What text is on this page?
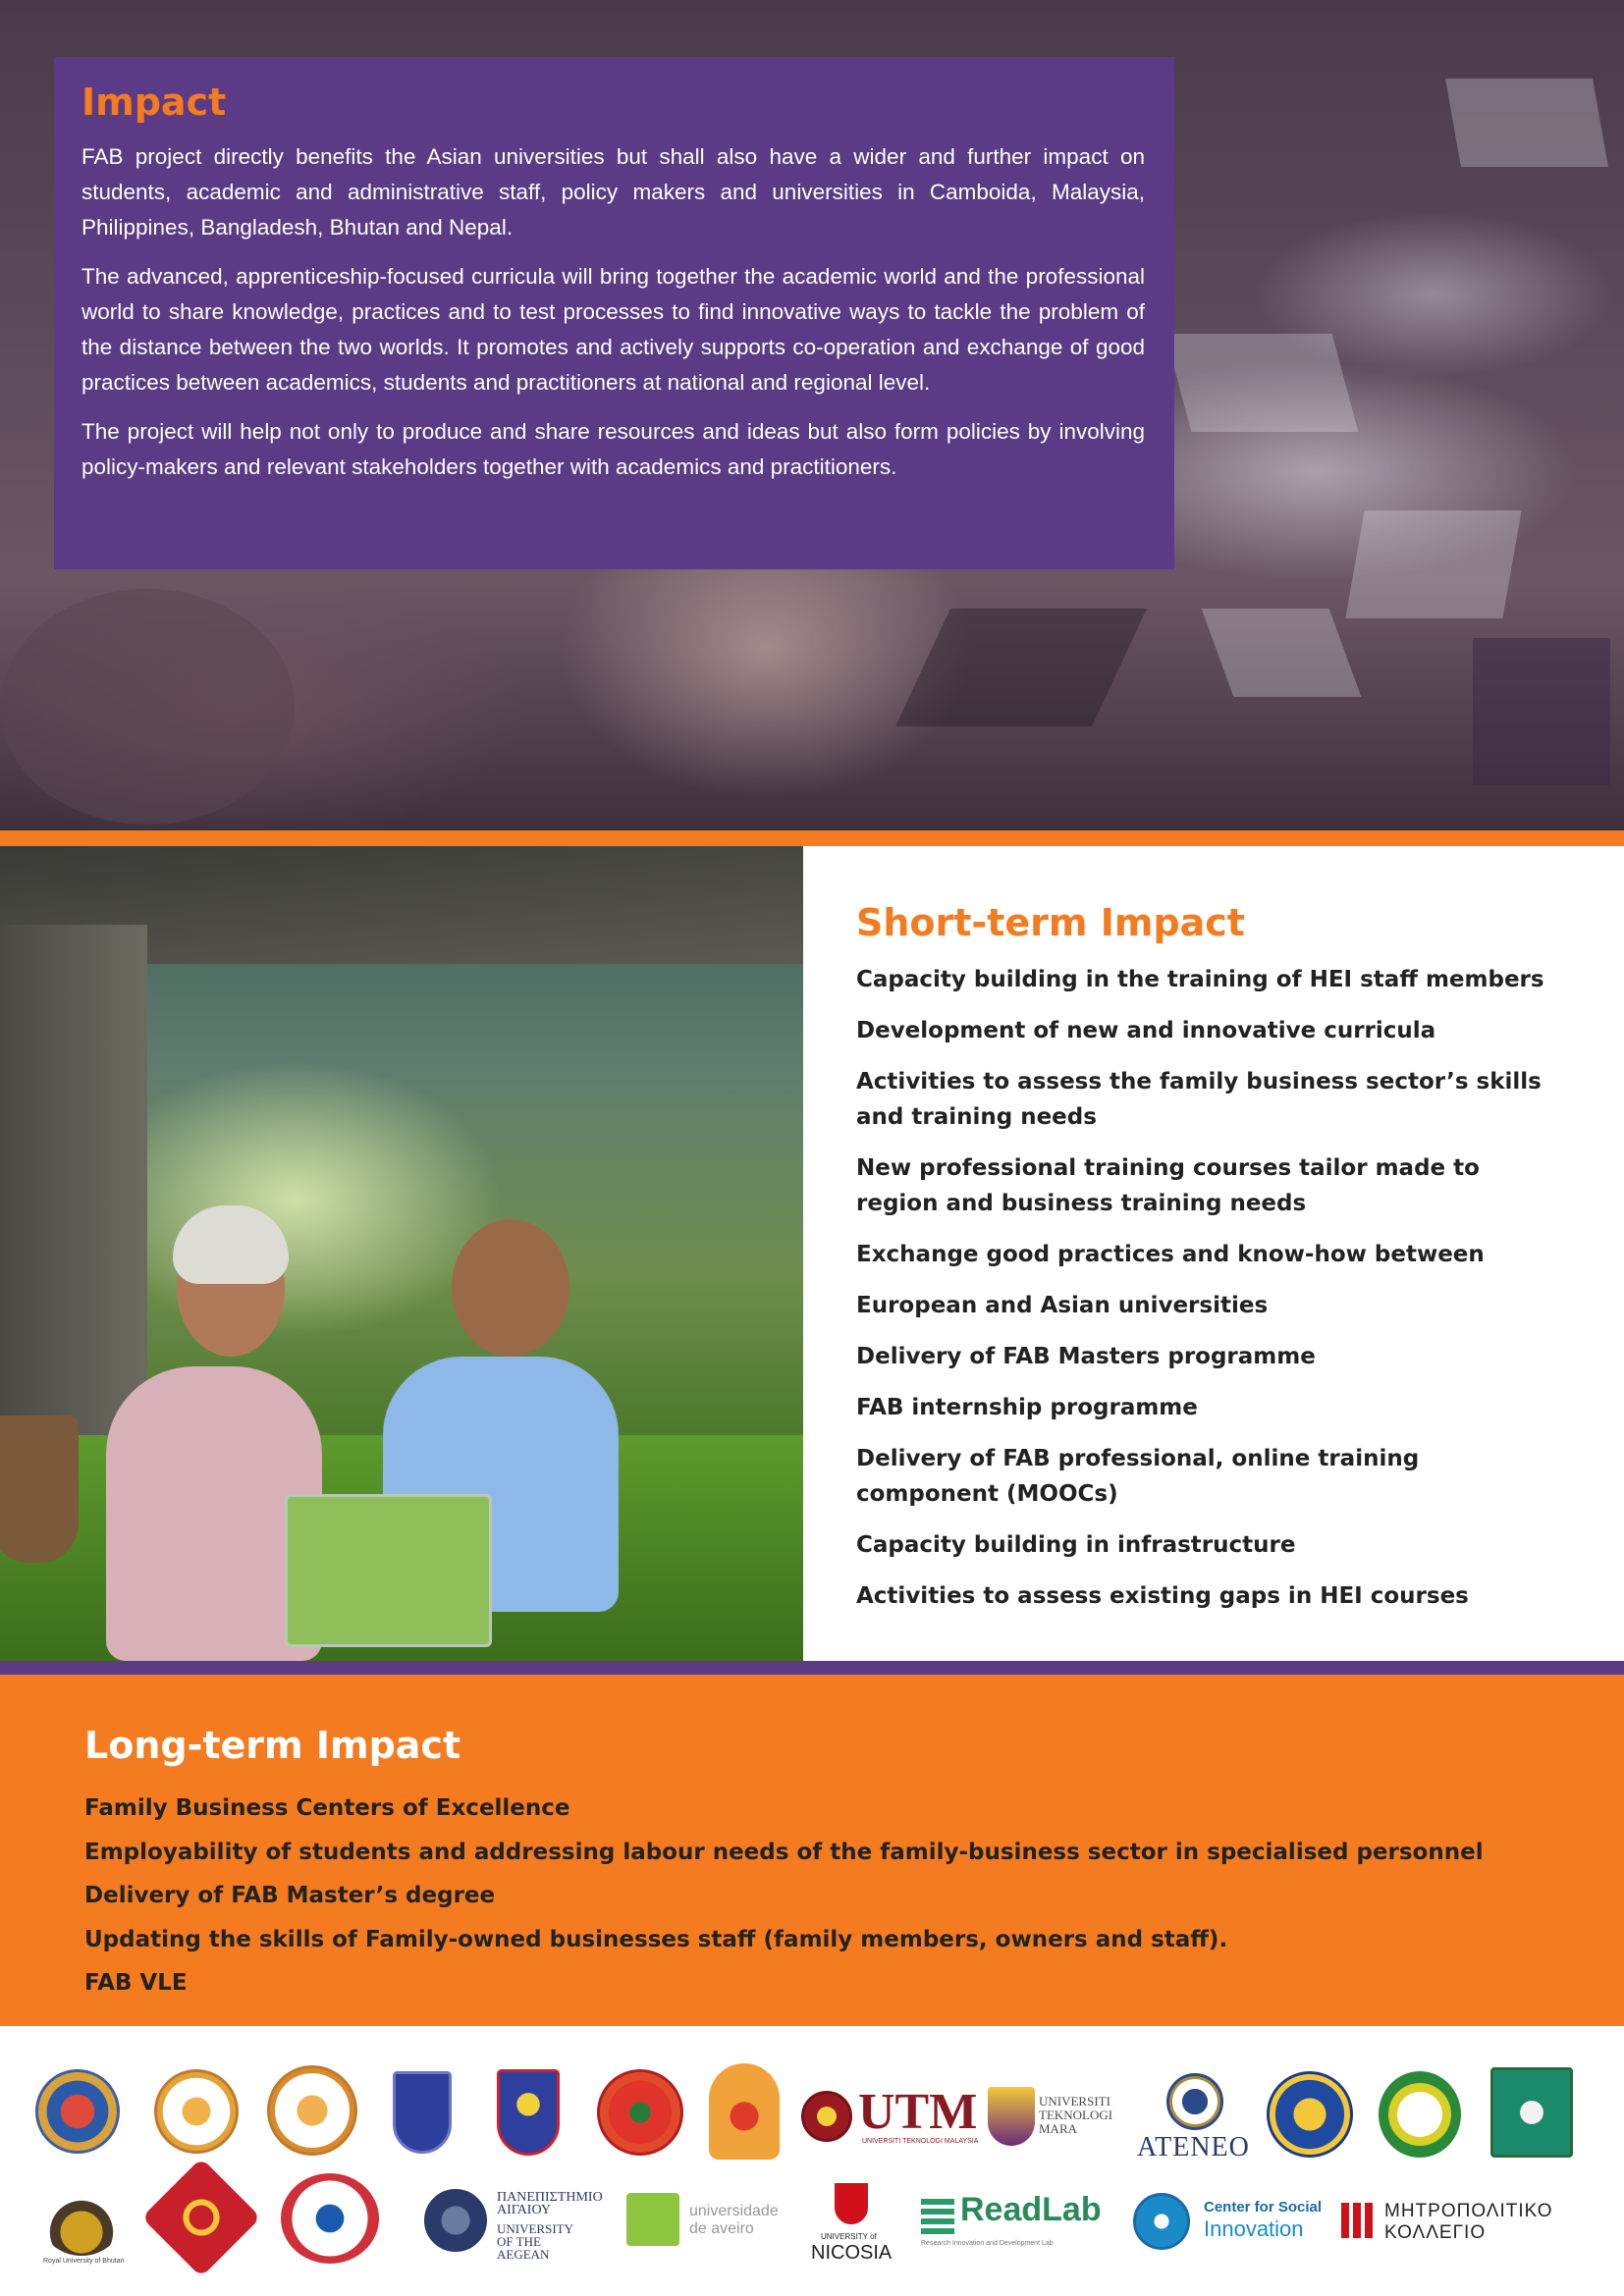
Impact

FAB project directly benefits the Asian universities but shall also have a wider and further impact on students, academic and administrative staff, policy makers and universities in Camboida, Malaysia, Philippines, Bangladesh, Bhutan and Nepal.

The advanced, apprenticeship-focused curricula will bring together the academic world and the professional world to share knowledge, practices and to test processes to find innovative ways to tackle the problem of the distance between the two worlds. It promotes and actively supports co-operation and exchange of good practices between academics, students and practitioners at national and regional level.

The project will help not only to produce and share resources and ideas but also form policies by involving policy-makers and relevant stakeholders together with academics and practitioners.

Short-term Impact

Capacity building in the training of HEI staff members

Development of new and innovative curricula

Activities to assess the family business sector’s skills and training needs

New professional training courses tailor made to region and business training needs

Exchange good practices and know-how between

European and Asian universities

Delivery of FAB Masters programme

FAB internship programme

Delivery of FAB professional, online training component (MOOCs)

Capacity building in infrastructure

Activities to assess existing gaps in HEI courses

Long-term Impact

Family Business Centers of Excellence

Employability of students and addressing labour needs of the family-business sector in specialised personnel

Delivery of FAB Master’s degree

Updating the skills of Family-owned businesses staff (family members, owners and staff).

FAB VLE

UTM
UNIVERSITI TEKNOLOGI MALAYSIA
UNIVERSITI TEKNOLOGI MARA
ATENEO
Royal University of Bhutan
ΠΑΝΕΠΙΣΤΗΜΙΟ ΑΙΓΑΙΟΥ
UNIVERSITY OF THE AEGEAN
universidade de aveiro	UNIVERSITY of
NICOSIA
ReadLab
Research Innovation and Development Lab
Center for Social
Innovation
ΜΗΤΡΟΠΟΛΙΤΙΚΟ
ΚΟΛΛΕΓΙΟ
